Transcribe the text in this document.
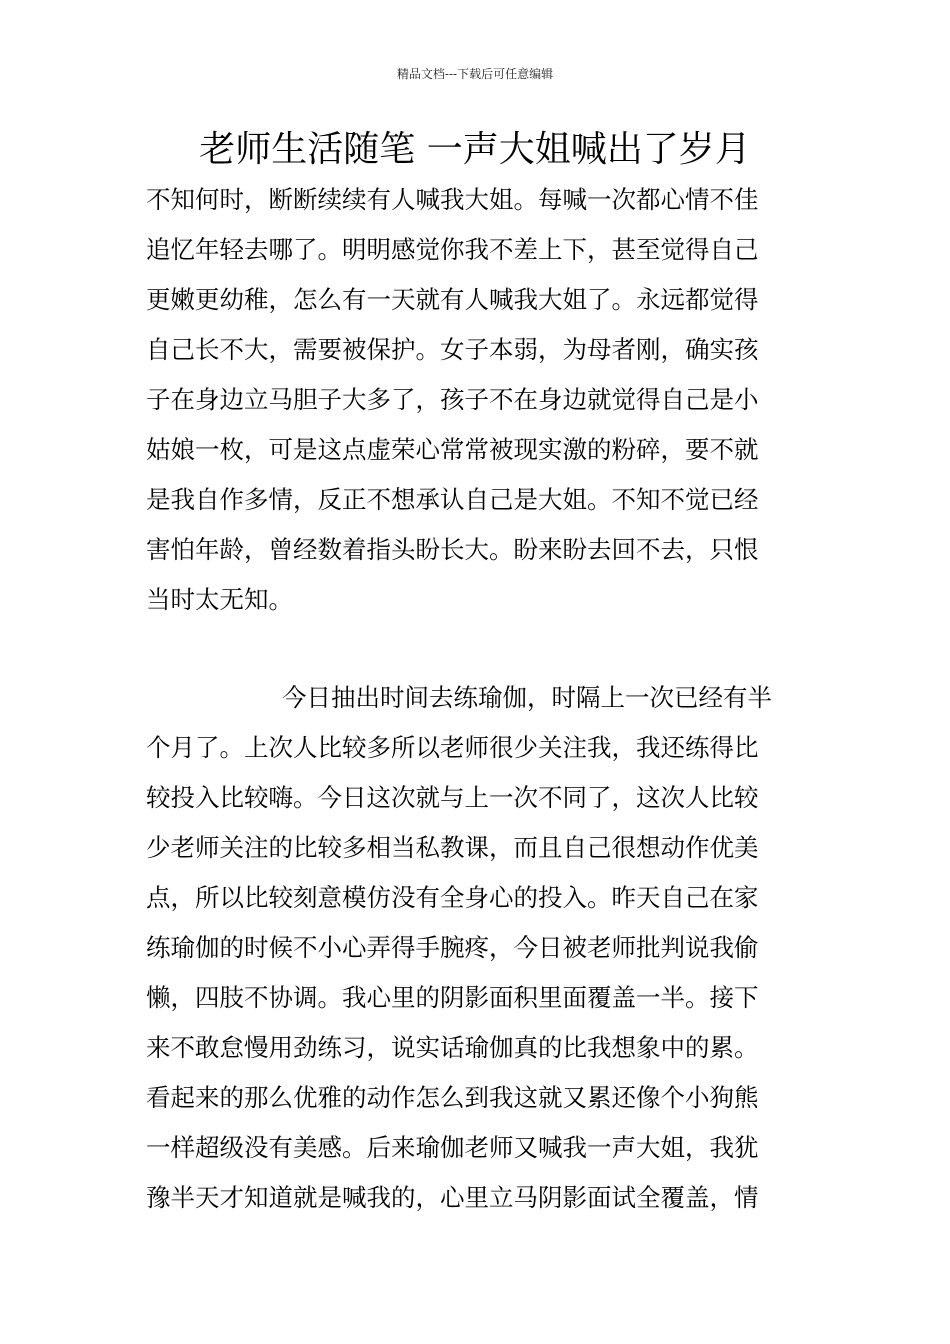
精品文档---下载后可任意编辑
老师生活随笔 一声大姐喊出了岁月
不知何时，断断续续有人喊我大姐。每喊一次都心情不佳
追忆年轻去哪了。明明感觉你我不差上下，甚至觉得自己
更嫩更幼稚，怎么有一天就有人喊我大姐了。永远都觉得
自己长不大，需要被保护。女子本弱，为母者刚，确实孩
子在身边立马胆子大多了，孩子不在身边就觉得自己是小
姑娘一枚，可是这点虚荣心常常被现实激的粉碎，要不就
是我自作多情，反正不想承认自己是大姐。不知不觉已经
害怕年龄，曾经数着指头盼长大。盼来盼去回不去，只恨
当时太无知。
今日抽出时间去练瑜伽，时隔上一次已经有半
个月了。上次人比较多所以老师很少关注我，我还练得比
较投入比较嗨。今日这次就与上一次不同了，这次人比较
少老师关注的比较多相当私教课，而且自己很想动作优美
点，所以比较刻意模仿没有全身心的投入。昨天自己在家
练瑜伽的时候不小心弄得手腕疼，今日被老师批判说我偷
懒，四肢不协调。我心里的阴影面积里面覆盖一半。接下
来不敢怠慢用劲练习，说实话瑜伽真的比我想象中的累。
看起来的那么优雅的动作怎么到我这就又累还像个小狗熊
一样超级没有美感。后来瑜伽老师又喊我一声大姐，我犹
豫半天才知道就是喊我的，心里立马阴影面试全覆盖，情
